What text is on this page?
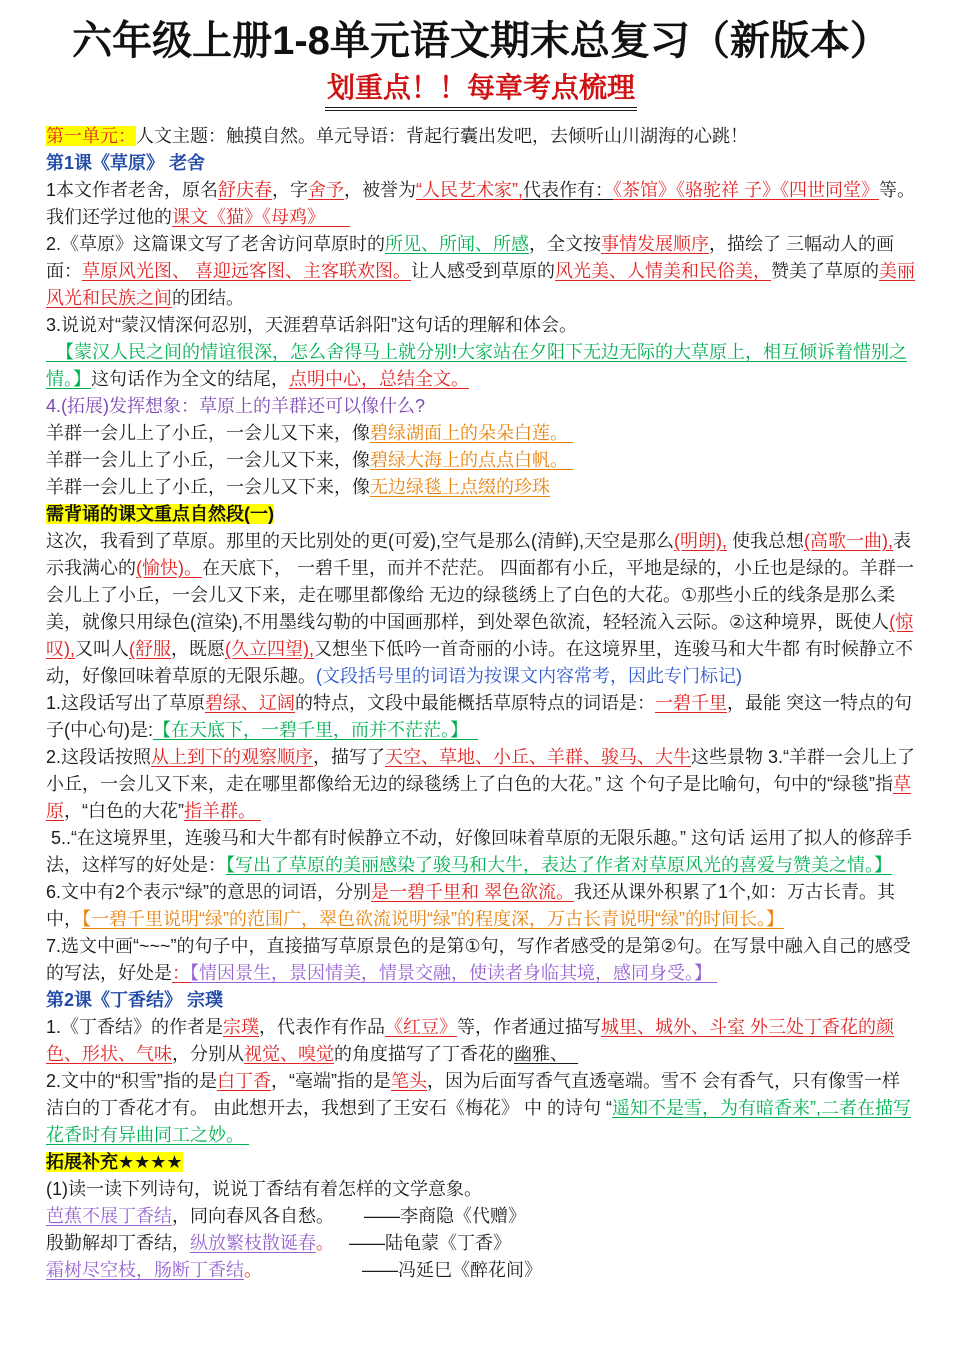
六年级上册1-8单元语文期末总复习（新版本）
划重点！！每章考点梳理

第一单元：人文主题：触摸自然。单元导语：背起行囊出发吧，去倾听山川湖海的心跳！

第1课《草原》 老舍

1本文作者老舍，原名舒庆春，字舍予，被誉为“人民艺术家”,代表作有：《茶馆》《骆驼祥 子》《四世同堂》等。我们还学过他的课文《猫》《母鸡》

2.《草原》这篇课文写了老舍访问草原时的所见、所闻、所感，全文按事情发展顺序，描绘了 三幅动人的画面：草原风光图、 喜迎远客图、主客联欢图。让人感受到草原的风光美、人情美和民俗美，赞美了草原的美丽风光和民族之间的团结。

3.说说对“蒙汉情深何忍别，天涯碧草话斜阳”这句话的理解和体会。

【蒙汉人民之间的情谊很深，怎么舍得马上就分别!大家站在夕阳下无边无际的大草原上，相互倾诉着惜别之情。】这句话作为全文的结尾，点明中心，总结全文。

4.(拓展)发挥想象：草原上的羊群还可以像什么?

羊群一会儿上了小丘，一会儿又下来，像碧绿湖面上的朵朵白莲。

羊群一会儿上了小丘，一会儿又下来，像碧绿大海上的点点白帆。

羊群一会儿上了小丘，一会儿又下来，像无边绿毯上点缀的珍珠

需背诵的课文重点自然段(一)

这次，我看到了草原。那里的天比别处的更(可爱),空气是那么(清鲜),天空是那么(明朗), 使我总想(高歌一曲),表示我满心的(愉快)。在天底下， 一碧千里，而并不茫茫。 四面都有小丘，平地是绿的，小丘也是绿的。羊群一会儿上了小丘，一会儿又下来，走在哪里都像给 无边的绿毯绣上了白色的大花。①那些小丘的线条是那么柔美，就像只用绿色(渲染),不用墨线勾勒的中国画那样，到处翠色欲流，轻轻流入云际。②这种境界，既使人(惊叹),又叫人(舒服，既愿(久立四望),又想坐下低吟一首奇丽的小诗。在这境界里，连骏马和大牛都 有时候静立不动，好像回味着草原的无限乐趣。(文段括号里的词语为按课文内容常考，因此专门标记)

1.这段话写出了草原碧绿、辽阔的特点，文段中最能概括草原特点的词语是：一碧千里，最能 突这一特点的句子(中心句)是:【在天底下，一碧千里，而并不茫茫。】

2.这段话按照从上到下的观察顺序，描写了天空、草地、小丘、羊群、骏马、大牛这些景物 3.“羊群一会儿上了小丘，一会儿又下来，走在哪里都像给无边的绿毯绣上了白色的大花。” 这 个句子是比喻句，句中的“绿毯”指草原，“白色的大花”指羊群。

5..“在这境界里，连骏马和大牛都有时候静立不动，好像回味着草原的无限乐趣。” 这句话 运用了拟人的修辞手法，这样写的好处是：【写出了草原的美丽感染了骏马和大牛，表达了作者对草原风光的喜爱与赞美之情。】

6.文中有2个表示“绿”的意思的词语，分别是一碧千里和 翠色欲流。我还从课外积累了1个,如：万古长青。其中，【一碧千里说明“绿”的范围广，翠色欲流说明“绿”的程度深，万古长青说明“绿”的时间长。】

7.选文中画“~~~”的句子中，直接描写草原景色的是第①句，写作者感受的是第②句。在写景中融入自己的感受的写法，好处是：【情因景生，景因情美，情景交融，使读者身临其境，感同身受。】

第2课《丁香结》 宗璞

1.《丁香结》的作者是宗璞，代表作有作品《红豆》等，作者通过描写城里、城外、斗室 外三处丁香花的颜色、形状、气味，分别从视觉、嗅觉的角度描写了丁香花的幽雅、

2.文中的“积雪”指的是白丁香，“毫端”指的是笔头，因为后面写香气直透毫端。雪不 会有香气，只有像雪一样洁白的丁香花才有。 由此想开去，我想到了王安石《梅花》 中 的诗句 “遥知不是雪，为有暗香来”,二者在描写花香时有异曲同工之妙。

拓展补充★★★★

(1)读一读下列诗句，说说丁香结有着怎样的文学意象。

芭蕉不展丁香结，同向春风各自愁。      ——李商隐《代赠》

殷勤解却丁香结，纵放繁枝散诞春。   ——陆龟蒙《丁香》

霜树尽空枝，肠断丁香结。                    ——冯延巳《醉花间》
